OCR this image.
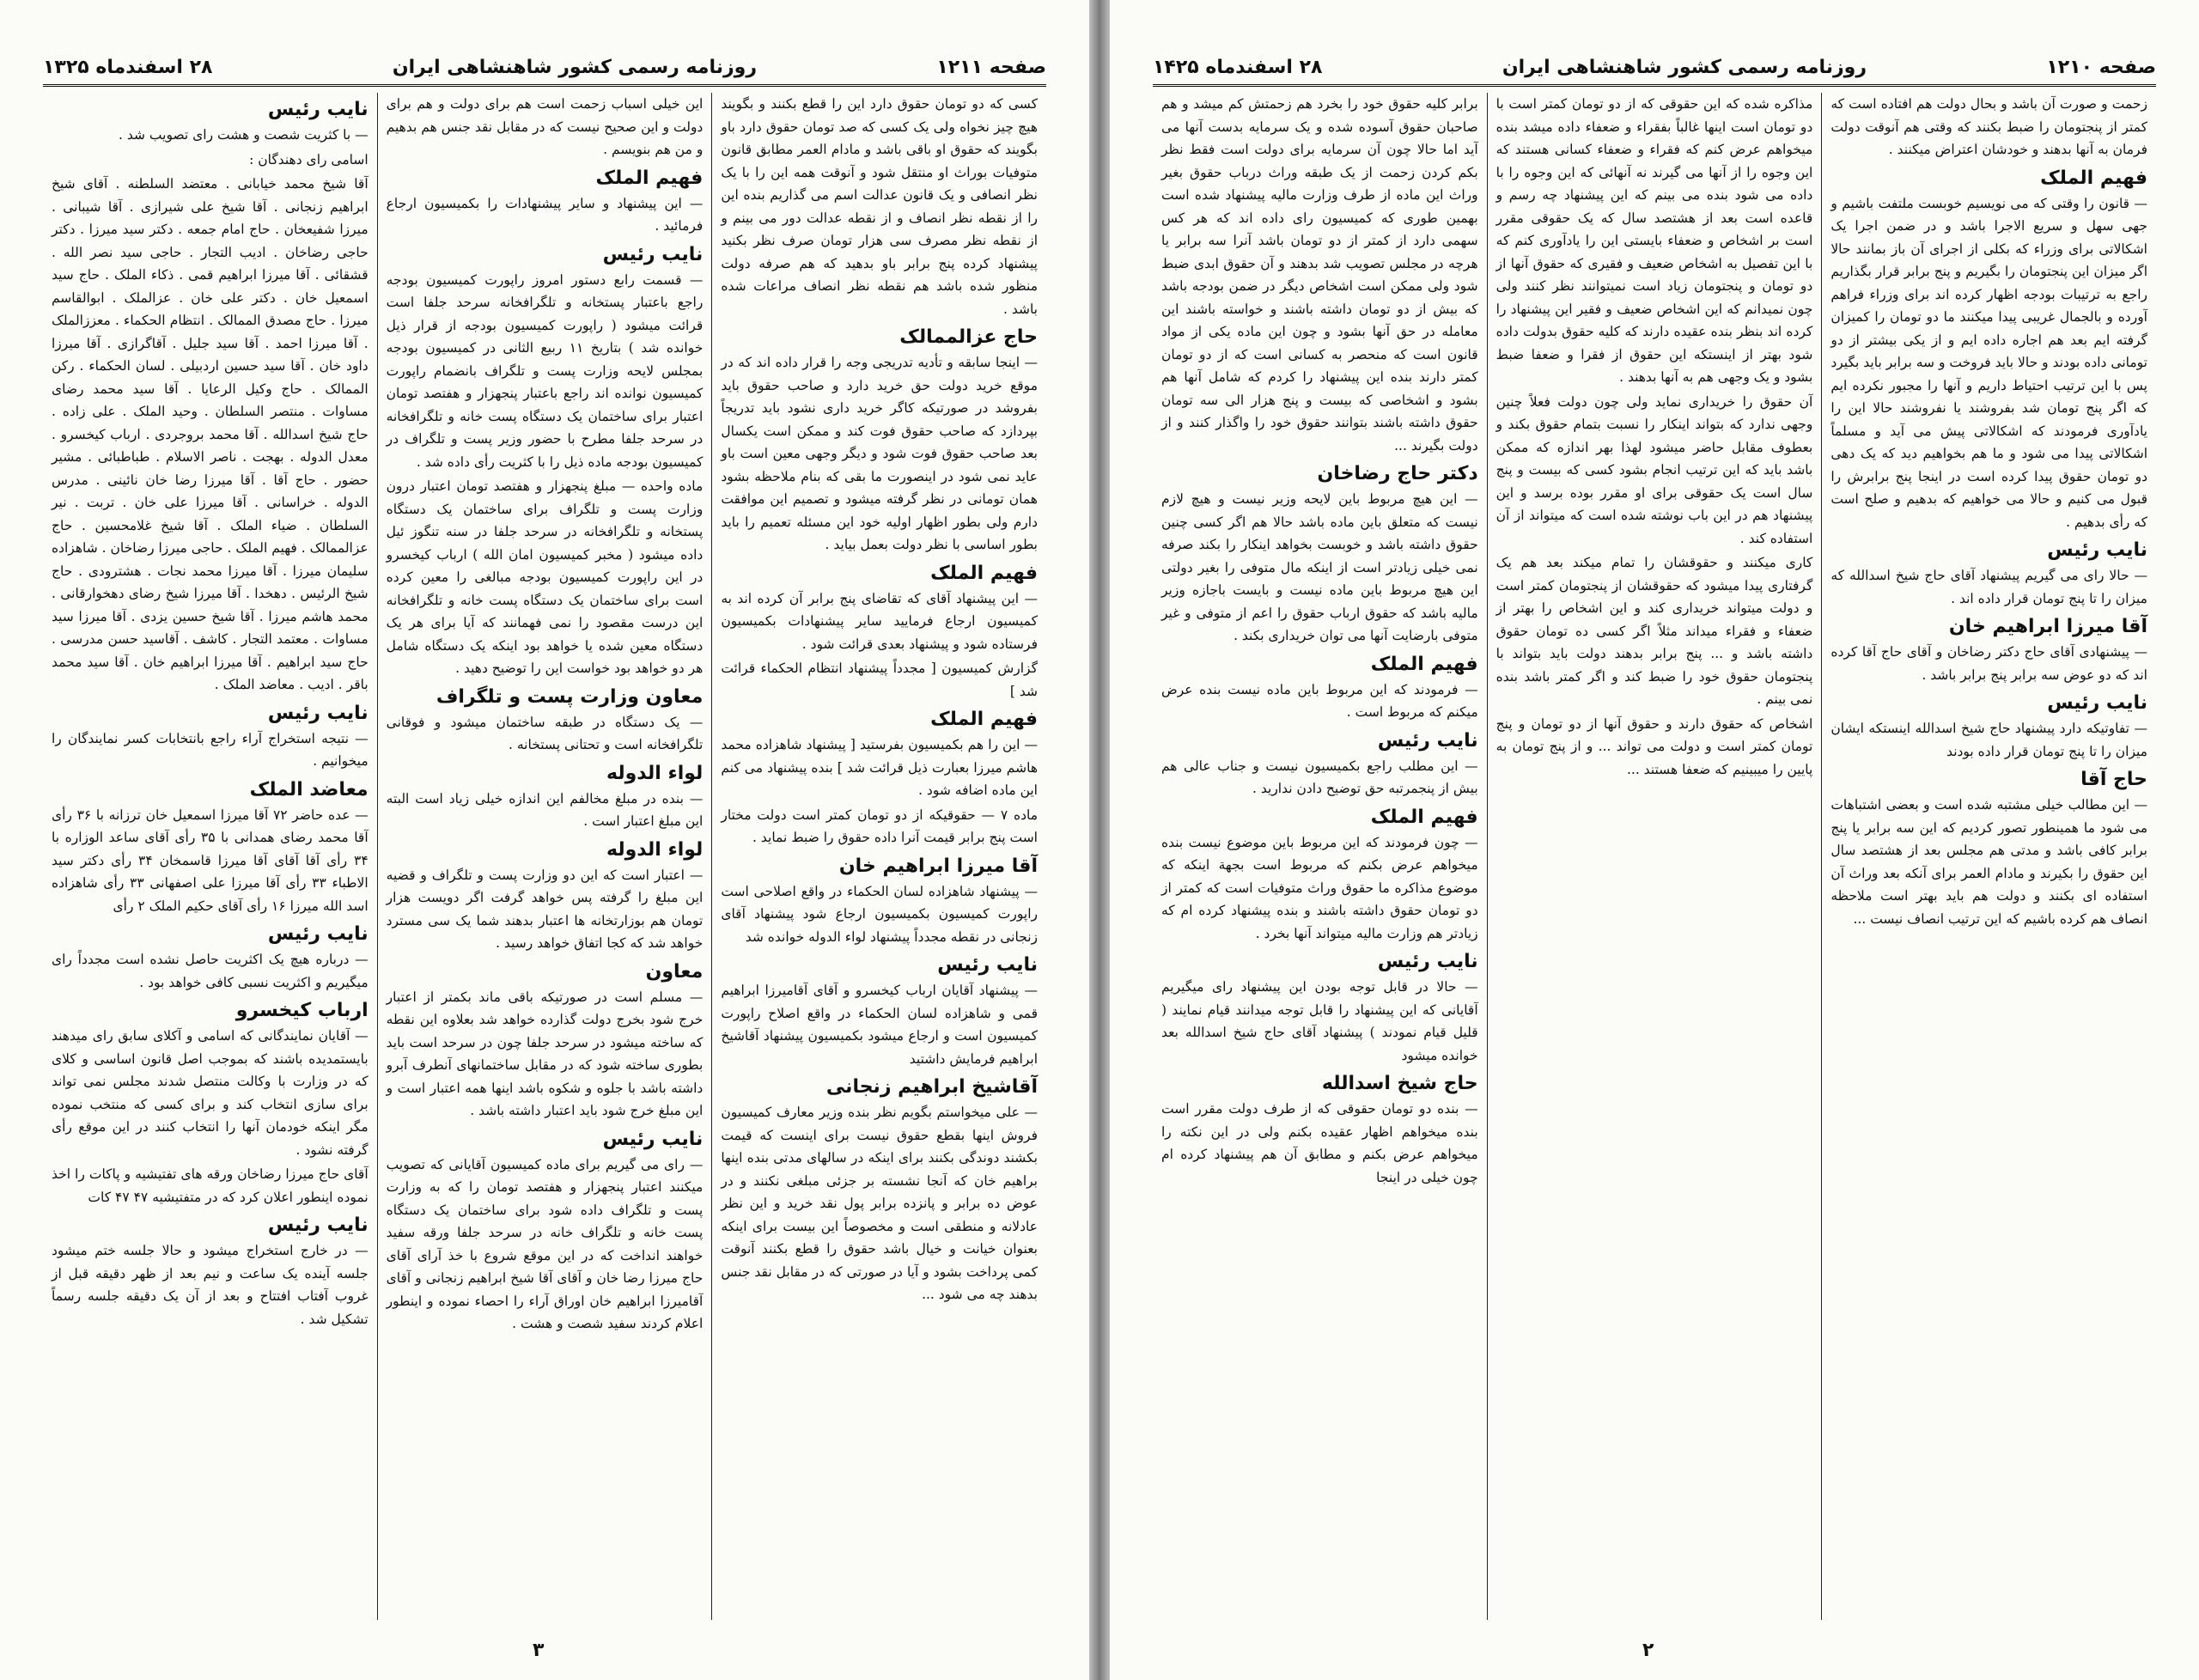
صفحه ۱۲۱۱
روزنامه رسمی کشور شاهنشاهی ایران
۲۸ اسفندماه ۱۳۲۵
کسی که دو تومان حقوق دارد این را قطع بکنند و بگویند هیچ چیز نخواه ولی یک کسی که صد تومان حقوق دارد باو بگویند که حقوق او باقی باشد و مادام العمر مطابق قانون متوفیات بوراث او منتقل شود و آنوقت همه این را با یک نظر انصافی و یک قانون عدالت اسم می گذاریم بنده این را از نقطه نظر انصاف و از نقطه عدالت دور می بینم و از نقطه نظر مصرف سی هزار تومان صرف نظر بکنید پیشنهاد کرده پنج برابر باو بدهید که هم صرفه دولت منظور شده باشد هم نقطه نظر انصاف مراعات شده باشد .
حاج عزالممالک
— اینجا سابقه و تأدیه تدریجی وجه را قرار داده اند که در موقع خرید دولت حق خرید دارد و صاحب حقوق باید بفروشد در صورتیکه کاگر خرید داری نشود باید تدریجاً بپردازد که صاحب حقوق فوت کند و ممکن است یکسال بعد صاحب حقوق فوت شود و دیگر وجهی معین است باو عاید نمی شود در اینصورت ما بقی که بنام ملاحظه بشود همان تومانی در نظر گرفته میشود و تصمیم این موافقت دارم ولی بطور اظهار اولیه خود این مسئله تعمیم را باید بطور اساسی با نظر دولت بعمل بیاید .
فهیم الملک
— این پیشنهاد آقای که تقاضای پنج برابر آن کرده اند به کمیسیون ارجاع فرمایید سایر پیشنهادات بکمیسیون فرستاده شود و پیشنهاد بعدی قرائت شود .
گزارش کمیسیون [ مجدداً پیشنهاد انتظام الحکماء قرائت شد ]
فهیم الملک
— این را هم بکمیسیون بفرستید [ پیشنهاد شاهزاده محمد هاشم میرزا بعبارت ذیل قرائت شد ] بنده پیشنهاد می کنم این ماده اضافه شود .
ماده ۷ — حقوقیکه از دو تومان کمتر است دولت مختار است پنج برابر قیمت آنرا داده حقوق را ضبط نماید .
آقا میرزا ابراهیم خان
— پیشنهاد شاهزاده لسان الحکماء در واقع اصلاحی است راپورت کمیسیون بکمیسیون ارجاع شود پیشنهاد آقای زنجانی در نقطه مجدداً پیشنهاد لواء الدوله خوانده شد
نایب رئیس
— پیشنهاد آقایان ارباب کیخسرو و آقای آقامیرزا ابراهیم قمی و شاهزاده لسان الحکماء در واقع اصلاح راپورت کمیسیون است و ارجاع میشود بکمیسیون پیشنهاد آقاشیخ ابراهیم فرمایش داشتید
آقاشیخ ابراهیم زنجانی
— علی میخواستم بگویم نظر بنده وزیر معارف کمیسیون فروش اینها بقطع حقوق نیست برای اینست که قیمت بکشند دوندگی بکنند برای اینکه در سالهای مدتی بنده اینها براهیم خان که آنجا نشسته بر جزئی مبلغی نکنند و در عوض ده برابر و پانزده برابر پول نقد خرید و این نظر عادلانه و منطقی است و مخصوصاً این بیست برای اینکه بعنوان خیانت و خیال باشد حقوق را قطع بکنند آنوقت کمی پرداخت بشود و آیا در صورتی که در مقابل نقد جنس بدهند چه می شود ...
این خیلی اسباب زحمت است هم برای دولت و هم برای دولت و این صحیح نیست که در مقابل نقد جنس هم بدهیم و من هم بنویسم .
فهیم الملک
— این پیشنهاد و سایر پیشنهادات را بکمیسیون ارجاع فرمائید .
نایب رئیس
— قسمت رابع دستور امروز راپورت کمیسیون بودجه راجع باعتبار پستخانه و تلگرافخانه سرحد جلفا است قرائت میشود ( راپورت کمیسیون بودجه از قرار ذیل خوانده شد ) بتاریخ ۱۱ ربیع الثانی در کمیسیون بودجه بمجلس لایحه وزارت پست و تلگراف بانضمام راپورت کمیسیون نوانده اند راجع باعتبار پنجهزار و هفتصد تومان اعتبار برای ساختمان یک دستگاه پست خانه و تلگرافخانه در سرحد جلفا مطرح با حضور وزیر پست و تلگراف در کمیسیون بودجه ماده ذیل را با کثریت رأی داده شد .
ماده واحده — مبلغ پنجهزار و هفتصد تومان اعتبار درون وزارت پست و تلگراف برای ساختمان یک دستگاه پستخانه و تلگرافخانه در سرحد جلفا در سنه تنگوز ئیل داده میشود ( مخبر کمیسیون امان الله ) ارباب کیخسرو در این راپورت کمیسیون بودجه مبالغی را معین کرده است برای ساختمان یک دستگاه پست خانه و تلگرافخانه این درست مقصود را نمی فهمانند که آیا برای هر یک دستگاه معین شده یا خواهد بود اینکه یک دستگاه شامل هر دو خواهد بود خواست این را توضیح دهید .
معاون وزارت پست و تلگراف
— یک دستگاه در طبقه ساختمان میشود و فوقانی تلگرافخانه است و تحتانی پستخانه .
لواء الدوله
— بنده در مبلغ مخالفم این اندازه خیلی زیاد است البته این مبلغ اعتبار است .
لواء الدوله
— اعتبار است که این دو وزارت پست و تلگراف و قضیه این مبلغ را گرفته پس خواهد گرفت اگر دویست هزار تومان هم بوزارتخانه ها اعتبار بدهند شما یک سی مسترد خواهد شد که کجا اتفاق خواهد رسید .
معاون
— مسلم است در صورتیکه باقی ماند بکمتر از اعتبار خرج شود بخرج دولت گذارده خواهد شد بعلاوه این نقطه که ساخته میشود در سرحد جلفا چون در سرحد است باید بطوری ساخته شود که در مقابل ساختمانهای آنطرف آبرو داشته باشد با جلوه و شکوه باشد اینها همه اعتبار است و این مبلغ خرج شود باید اعتبار داشته باشد .
نایب رئیس
— رای می گیریم برای ماده کمیسیون آقایانی که تصویب میکنند اعتبار پنجهزار و هفتصد تومان را که به وزارت پست و تلگراف داده شود برای ساختمان یک دستگاه پست خانه و تلگراف خانه در سرحد جلفا ورقه سفید خواهند انداخت که در این موقع شروع با خذ آرای آقای حاج میرزا رضا خان و آقای آقا شیخ ابراهیم زنجانی و آقای آقامیرزا ابراهیم خان اوراق آراء را احصاء نموده و اینطور اعلام کردند سفید شصت و هشت .
نایب رئیس
— با کثریت شصت و هشت رای تصویب شد .
اسامی رای دهندگان :
آقا شیخ محمد خیابانی . معتضد السلطنه . آقای شیخ ابراهیم زنجانی . آقا شیخ علی شیرازی . آقا شیبانی . میرزا شفیعخان . حاج امام جمعه . دکتر سید میرزا . دکتر حاجی رضاخان . ادیب التجار . حاجی سید نصر الله . قشقائی . آقا میرزا ابراهیم قمی . ذکاء الملک . حاج سید اسمعیل خان . دکتر علی خان . عزالملک . ابوالقاسم میرزا . حاج مصدق الممالک . انتظام الحکماء . معززالملک . آقا میرزا احمد . آقا سید جلیل . آقاگرازی . آقا میرزا داود خان . آقا سید حسین اردبیلی . لسان الحکماء . رکن الممالک . حاج وکیل الرعایا . آقا سید محمد رضای مساوات . منتصر السلطان . وحید الملک . علی زاده . حاج شیخ اسدالله . آقا محمد بروجردی . ارباب کیخسرو . معدل الدوله . بهجت . ناصر الاسلام . طباطبائی . مشیر حضور . حاج آقا . آقا میرزا رضا خان نائینی . مدرس الدوله . خراسانی . آقا میرزا علی خان . تربت . نیر السلطان . ضیاء الملک . آقا شیخ غلامحسین . حاج عزالممالک . فهیم الملک . حاجی میرزا رضاخان . شاهزاده سلیمان میرزا . آقا میرزا محمد نجات . هشترودی . حاج شیخ الرئیس . دهخدا . آقا میرزا شیخ رضای دهخوارقانی . محمد هاشم میرزا . آقا شیخ حسین یزدی . آقا میرزا سید مساوات . معتمد التجار . کاشف . آقاسید حسن مدرسی . حاج سید ابراهیم . آقا میرزا ابراهیم خان . آقا سید محمد باقر . ادیب . معاضد الملک .
نایب رئیس
— نتیجه استخراج آراء راجع بانتخابات کسر نمایندگان را میخوانیم .
معاضد الملک
— عده حاضر ۷۲ آقا میرزا اسمعیل خان ترزانه با ۳۶ رأی آقا محمد رضای همدانی با ۳۵ رأی آقای ساعد الوزاره با ۳۴ رأی آقا آقای آقا میرزا قاسمخان ۳۴ رأی دکتر سید الاطباء ۳۳ رأی آقا میرزا علی اصفهانی ۳۳ رأی شاهزاده اسد الله میرزا ۱۶ رأی آقای حکیم الملک ۲ رأی
نایب رئیس
— درباره هیچ یک اکثریت حاصل نشده است مجدداً رای میگیریم و اکثریت نسبی کافی خواهد بود .
ارباب کیخسرو
— آقایان نمایندگانی که اسامی و آکلای سابق رای میدهند بایستمدیده باشند که بموجب اصل قانون اساسی و کلای که در وزارت با وکالت منتصل شدند مجلس نمی تواند برای سازی انتخاب کند و برای کسی که منتخب نموده مگر اینکه خودمان آنها را انتخاب کنند در این موقع رأی گرفته نشود .
آقای حاج میرزا رضاخان ورقه های تفتیشیه و پاکات را اخذ نموده اینطور اعلان کرد که در متفتیشیه ۴۷ ۴۷ کات
نایب رئیس
— در خارج استخراج میشود و حالا جلسه ختم میشود جلسه آینده یک ساعت و نیم بعد از ظهر دقیقه قبل از غروب آفتاب افتتاح و بعد از آن یک دقیقه جلسه رسماً تشکیل شد .
۳
صفحه ۱۲۱۰
روزنامه رسمی کشور شاهنشاهی ایران
۲۸ اسفندماه ۱۴۲۵
زحمت و صورت آن باشد و بحال دولت هم افتاده است که کمتر از پنجتومان را ضبط بکنند که وقتی هم آنوقت دولت فرمان به آنها بدهند و خودشان اعتراض میکنند .
فهیم الملک
— قانون را وقتی که می نویسیم خوبست ملتفت باشیم و جهی سهل و سریع الاجرا باشد و در ضمن اجرا یک اشکالاتی برای وزراء که بکلی از اجرای آن باز بمانند حالا اگر میزان این پنجتومان را بگیریم و پنج برابر قرار بگذاریم راجع به ترتیبات بودجه اظهار کرده اند برای وزراء فراهم آورده و بالجمال غریبی پیدا میکنند ما دو تومان را کمیزان گرفته ایم بعد هم اجاره داده ایم و از یکی بیشتر از دو تومانی داده بودند و حالا باید فروخت و سه برابر باید بگیرد پس با این ترتیب احتیاط داریم و آنها را مجبور نکرده ایم که اگر پنج تومان شد بفروشند یا نفروشند حالا این را یادآوری فرمودند که اشکالاتی پیش می آید و مسلماً اشکالاتی پیدا می شود و ما هم بخواهیم دید که یک دهی دو تومان حقوق پیدا کرده است در اینجا پنج برابرش را قبول می کنیم و حالا می خواهیم که بدهیم و صلح است که رأی بدهیم .
نایب رئیس
— حالا رای می گیریم پیشنهاد آقای حاج شیخ اسدالله که میزان را تا پنج تومان قرار داده اند .
آقا میرزا ابراهیم خان
— پیشنهادی آقای حاج دکتر رضاخان و آقای حاج آقا کرده اند که دو عوض سه برابر پنج برابر باشد .
نایب رئیس
— تفاوتیکه دارد پیشنهاد حاج شیخ اسدالله اینستکه ایشان میزان را تا پنج تومان قرار داده بودند
حاج آقا
— این مطالب خیلی مشتبه شده است و بعضی اشتباهات می شود ما همینطور تصور کردیم که این سه برابر یا پنج برابر کافی باشد و مدتی هم مجلس بعد از هشتصد سال این حقوق را بکیرند و مادام العمر برای آنکه بعد وراث آن استفاده ای بکنند و دولت هم باید بهتر است ملاحظه انصاف هم کرده باشیم که این ترتیب انصاف نیست ...
مذاکره شده که این حقوقی که از دو تومان کمتر است با دو تومان است اینها غالباً بفقراء و ضعفاء داده میشد بنده میخواهم عرض کنم که فقراء و ضعفاء کسانی هستند که این وجوه را از آنها می گیرند نه آنهائی که این وجوه را با داده می شود بنده می بینم که این پیشنهاد چه رسم و قاعده است بعد از هشتصد سال که یک حقوقی مقرر است بر اشخاص و ضعفاء بایستی این را یادآوری کنم که با این تفصیل به اشخاص ضعیف و فقیری که حقوق آنها از دو تومان و پنجتومان زیاد است نمیتوانند نظر کنند ولی چون نمیدانم که این اشخاص ضعیف و فقیر این پیشنهاد را کرده اند بنظر بنده عقیده دارند که کلیه حقوق بدولت داده شود بهتر از اینستکه این حقوق از فقرا و ضعفا ضبط بشود و یک وجهی هم به آنها بدهند .
آن حقوق را خریداری نماید ولی چون دولت فعلاً چنین وجهی ندارد که بتواند اینکار را نسبت بتمام حقوق بکند و بعطوف مقابل حاضر میشود لهذا بهر اندازه که ممکن باشد باید که این ترتیب انجام بشود کسی که بیست و پنج سال است یک حقوقی برای او مقرر بوده برسد و این پیشنهاد هم در این باب نوشته شده است که میتواند از آن استفاده کند .
کاری میکنند و حقوقشان را تمام میکند بعد هم یک گرفتاری پیدا میشود که حقوقشان از پنجتومان کمتر است و دولت میتواند خریداری کند و این اشخاص را بهتر از ضعفاء و فقراء میداند مثلاً اگر کسی ده تومان حقوق داشته باشد و ... پنج برابر بدهند دولت باید بتواند با پنجتومان حقوق خود را ضبط کند و اگر کمتر باشد بنده نمی بینم .
اشخاص که حقوق دارند و حقوق آنها از دو تومان و پنج تومان کمتر است و دولت می تواند ... و از پنج تومان به پایین را میبینیم که ضعفا هستند ...
برابر کلیه حقوق خود را بخرد هم زحمتش کم میشد و هم صاحبان حقوق آسوده شده و یک سرمایه بدست آنها می آید اما حالا چون آن سرمایه برای دولت است فقط نظر بکم کردن زحمت از یک طبقه وراث درباب حقوق بغیر وراث این ماده از طرف وزارت مالیه پیشنهاد شده است بهمین طوری که کمیسیون رای داده اند که هر کس سهمی دارد از کمتر از دو تومان باشد آنرا سه برابر یا هرچه در مجلس تصویب شد بدهند و آن حقوق ابدی ضبط شود ولی ممکن است اشخاص دیگر در ضمن بودجه باشد که بیش از دو تومان داشته باشند و خواسته باشند این معامله در حق آنها بشود و چون این ماده یکی از مواد قانون است که منحصر به کسانی است که از دو تومان کمتر دارند بنده این پیشنهاد را کردم که شامل آنها هم بشود و اشخاصی که بیست و پنج هزار الی سه تومان حقوق داشته باشند بتوانند حقوق خود را واگذار کنند و از دولت بگیرند ...
دکتر حاج رضاخان
— این هیچ مربوط باین لایحه وزیر نیست و هیچ لازم نیست که متعلق باین ماده باشد حالا هم اگر کسی چنین حقوق داشته باشد و خوبست بخواهد اینکار را بکند صرفه نمی خیلی زیادتر است از اینکه مال متوفی را بغیر دولتی این هیچ مربوط باین ماده نیست و بایست باجازه وزیر مالیه باشد که حقوق ارباب حقوق را اعم از متوفی و غیر متوفی بارضایت آنها می توان خریداری بکند .
فهیم الملک
— فرمودند که این مربوط باین ماده نیست بنده عرض میکنم که مربوط است .
نایب رئیس
— این مطلب راجع بکمیسیون نیست و جناب عالی هم بیش از پنجمرتبه حق توضیح دادن ندارید .
فهیم الملک
— چون فرمودند که این مربوط باین موضوع نیست بنده میخواهم عرض بکنم که مربوط است بجهة اینکه که موضوع مذاکره ما حقوق وراث متوفیات است که کمتر از دو تومان حقوق داشته باشند و بنده پیشنهاد کرده ام که زیادتر هم وزارت مالیه میتواند آنها بخرد .
نایب رئیس
— حالا در قابل توجه بودن این پیشنهاد رای میگیریم آقایانی که این پیشنهاد را قابل توجه میدانند قیام نمایند ( قلیل قیام نمودند ) پیشنهاد آقای حاج شیخ اسدالله بعد خوانده میشود
حاج شیخ اسدالله
— بنده دو تومان حقوقی که از طرف دولت مقرر است بنده میخواهم اظهار عقیده بکنم ولی در این نکته را میخواهم عرض بکنم و مطابق آن هم پیشنهاد کرده ام چون خیلی در اینجا
۲
